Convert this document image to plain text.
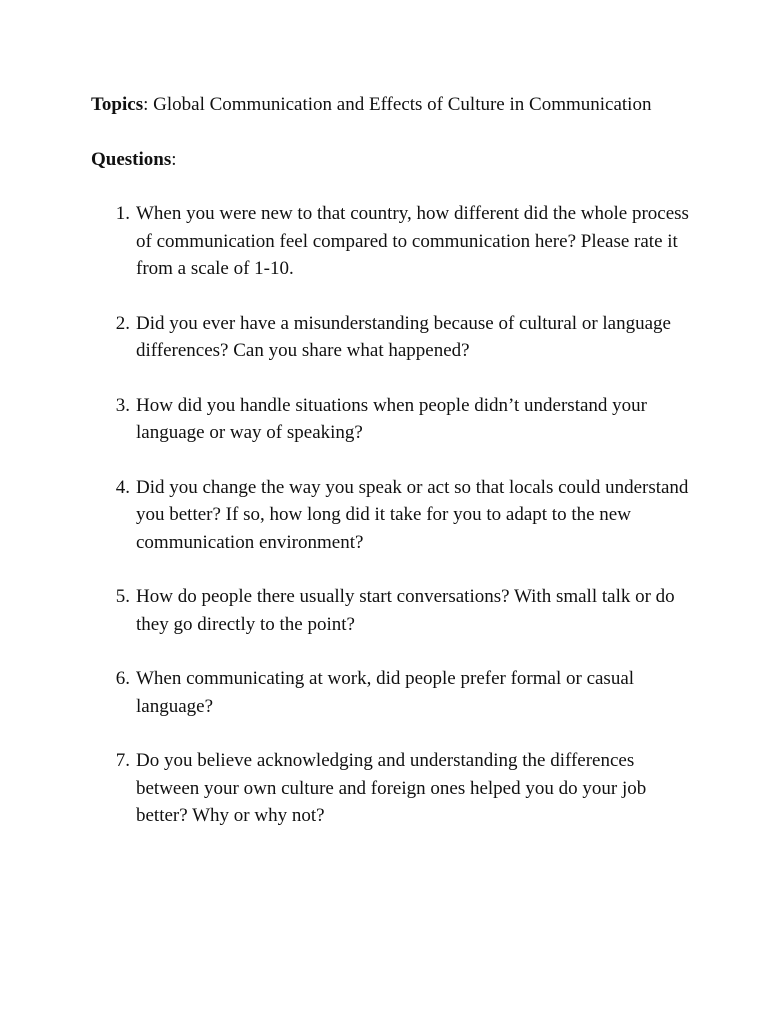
Topics: Global Communication and Effects of Culture in Communication

Questions:

1. When you were new to that country, how different did the whole process of communication feel compared to communication here? Please rate it from a scale of 1-10.
2. Did you ever have a misunderstanding because of cultural or language differences? Can you share what happened?
3. How did you handle situations when people didn’t understand your language or way of speaking?
4. Did you change the way you speak or act so that locals could understand you better? If so, how long did it take for you to adapt to the new communication environment?
5. How do people there usually start conversations? With small talk or do they go directly to the point?
6. When communicating at work, did people prefer formal or casual language?
7. Do you believe acknowledging and understanding the differences between your own culture and foreign ones helped you do your job better? Why or why not?
